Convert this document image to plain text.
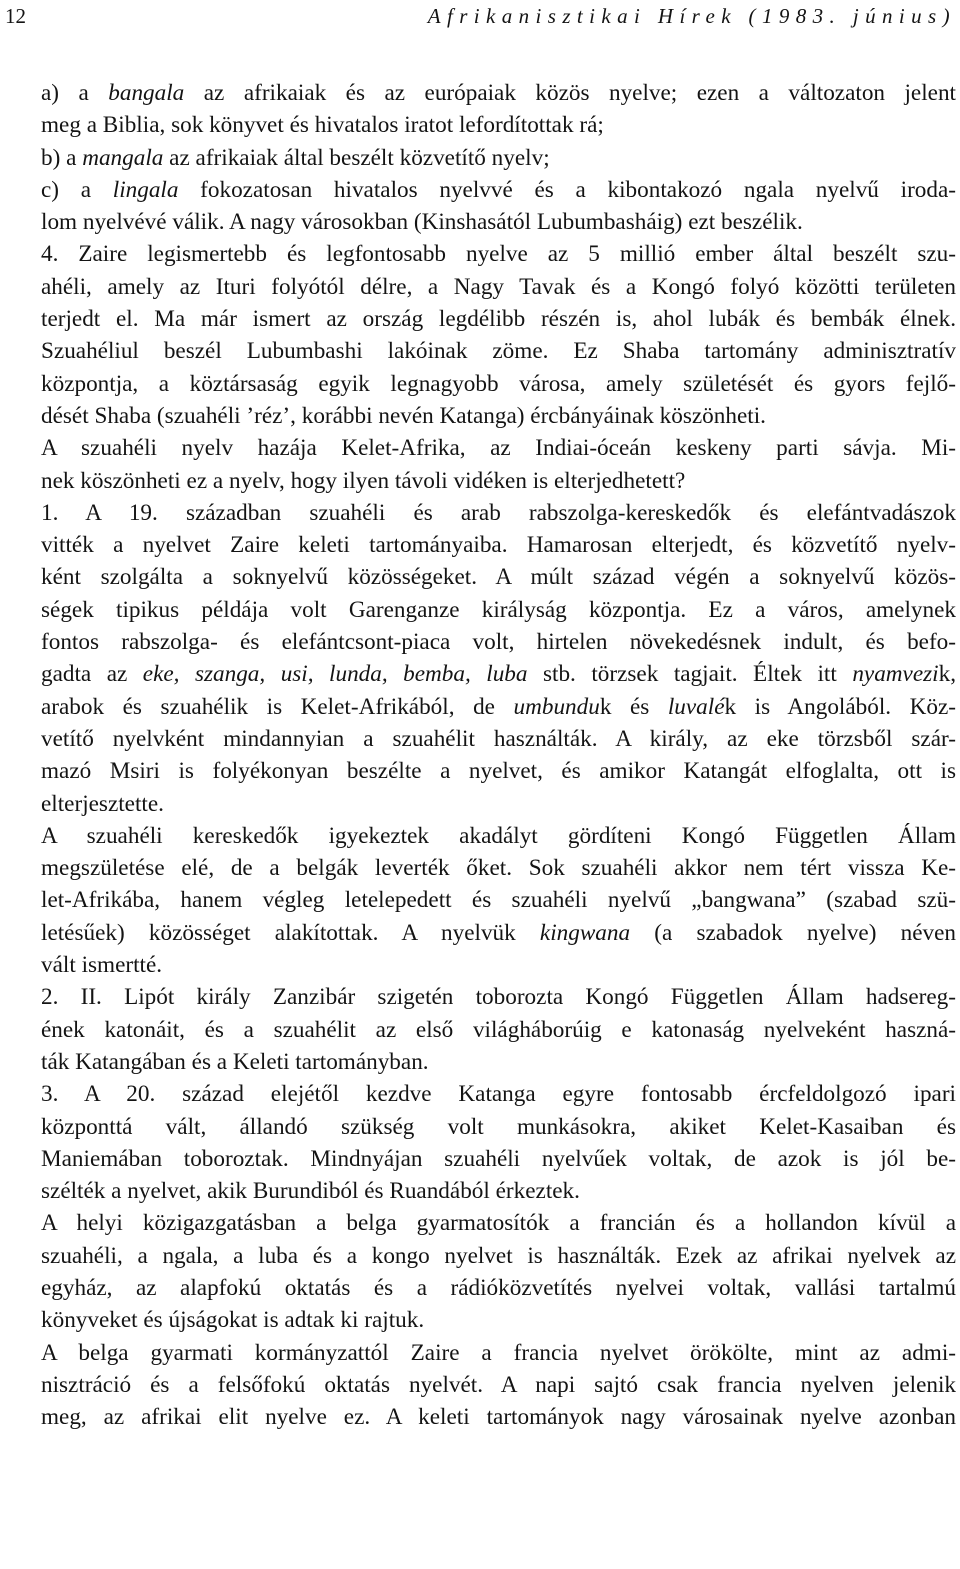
12	Afrikanisztikai Hírek (1983. június)

a) a bangala az afrikaiak és az európaiak közös nyelve; ezen a változaton jelent
meg a Biblia, sok könyvet és hivatalos iratot lefordítottak rá;

b) a mangala az afrikaiak által beszélt közvetítő nyelv;

c) a lingala fokozatosan hivatalos nyelvvé és a kibontakozó ngala nyelvű iroda-
lom nyelvévé válik. A nagy városokban (Kinshasától Lubumbasháig) ezt beszélik.

4. Zaire legismertebb és legfontosabb nyelve az 5 millió ember által beszélt szu-
ahéli, amely az Ituri folyótól délre, a Nagy Tavak és a Kongó folyó közötti területen
terjedt el. Ma már ismert az ország legdélibb részén is, ahol lubák és bembák élnek.
Szuahéliul beszél Lubumbashi lakóinak zöme. Ez Shaba tartomány adminisztratív
központja, a köztársaság egyik legnagyobb városa, amely születését és gyors fejlő-
dését Shaba (szuahéli ’réz’, korábbi nevén Katanga) ércbányáinak köszönheti.

A szuahéli nyelv hazája Kelet-Afrika, az Indiai-óceán keskeny parti sávja. Mi-
nek köszönheti ez a nyelv, hogy ilyen távoli vidéken is elterjedhetett?

1. A 19. században szuahéli és arab rabszolga-kereskedők és elefántvadászok
vitték a nyelvet Zaire keleti tartományaiba. Hamarosan elterjedt, és közvetítő nyelv-
ként szolgálta a soknyelvű közösségeket. A múlt század végén a soknyelvű közös-
ségek tipikus példája volt Garenganze királyság központja. Ez a város, amelynek
fontos rabszolga- és elefántcsont-piaca volt, hirtelen növekedésnek indult, és befo-
gadta az eke, szanga, usi, lunda, bemba, luba stb. törzsek tagjait. Éltek itt nyamvezik,
arabok és szuahélik is Kelet-Afrikából, de umbunduk és luvalék is Angolából. Köz-
vetítő nyelvként mindannyian a szuahélit használták. A király, az eke törzsből szár-
mazó Msiri is folyékonyan beszélte a nyelvet, és amikor Katangát elfoglalta, ott is
elterjesztette.

A szuahéli kereskedők igyekeztek akadályt gördíteni Kongó Független Állam
megszületése elé, de a belgák leverték őket. Sok szuahéli akkor nem tért vissza Ke-
let-Afrikába, hanem végleg letelepedett és szuahéli nyelvű „bangwana” (szabad szü-
letésűek) közösséget alakítottak. A nyelvük kingwana (a szabadok nyelve) néven
vált ismertté.

2. II. Lipót király Zanzibár szigetén toborozta Kongó Független Állam hadsereg-
ének katonáit, és a szuahélit az első világháborúig e katonaság nyelveként haszná-
ták Katangában és a Keleti tartományban.

3. A 20. század elejétől kezdve Katanga egyre fontosabb ércfeldolgozó ipari
központtá vált, állandó szükség volt munkásokra, akiket Kelet-Kasaiban és
Maniemában toboroztak. Mindnyájan szuahéli nyelvűek voltak, de azok is jól be-
szélték a nyelvet, akik Burundiból és Ruandából érkeztek.

A helyi közigazgatásban a belga gyarmatosítók a francián és a hollandon kívül a
szuahéli, a ngala, a luba és a kongo nyelvet is használták. Ezek az afrikai nyelvek az
egyház, az alapfokú oktatás és a rádióközvetítés nyelvei voltak, vallási tartalmú
könyveket és újságokat is adtak ki rajtuk.

A belga gyarmati kormányzattól Zaire a francia nyelvet örökölte, mint az admi-
nisztráció és a felsőfokú oktatás nyelvét. A napi sajtó csak francia nyelven jelenik
meg, az afrikai elit nyelve ez. A keleti tartományok nagy városainak nyelve azonban
